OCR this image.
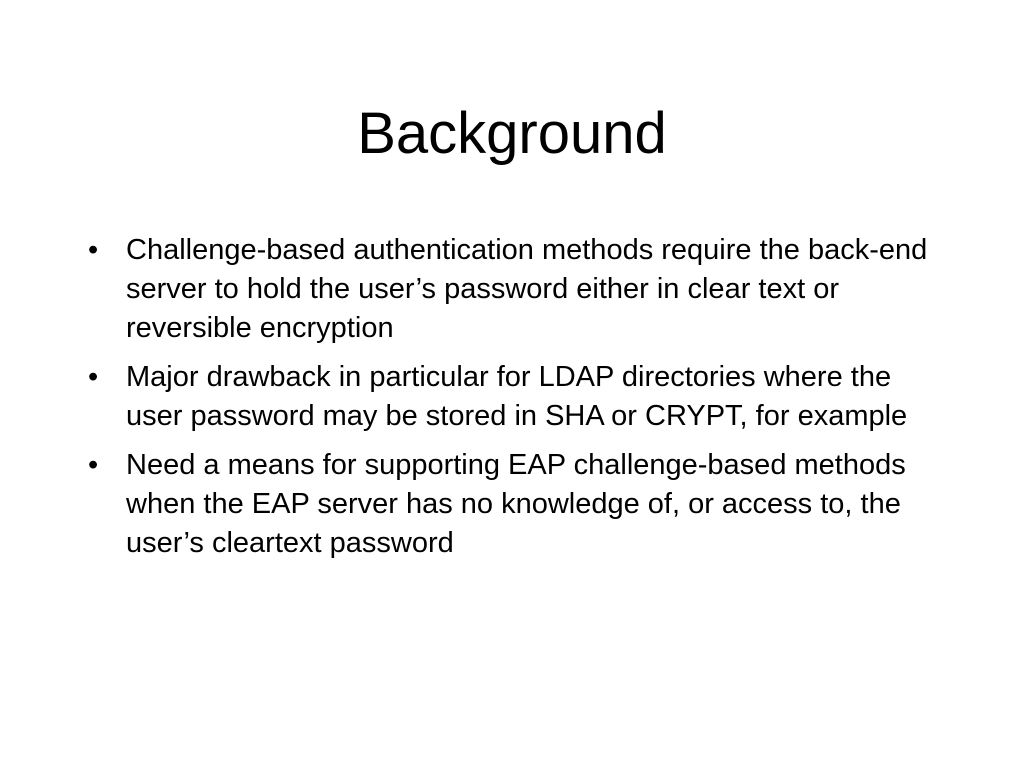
Background
• Challenge-based authentication methods require the back-end server to hold the user’s password either in clear text or reversible encryption
• Major drawback in particular for LDAP directories where the user password may be stored in SHA or CRYPT, for example
• Need a means for supporting EAP challenge-based methods when the EAP server has no knowledge of, or access to, the user’s cleartext password
